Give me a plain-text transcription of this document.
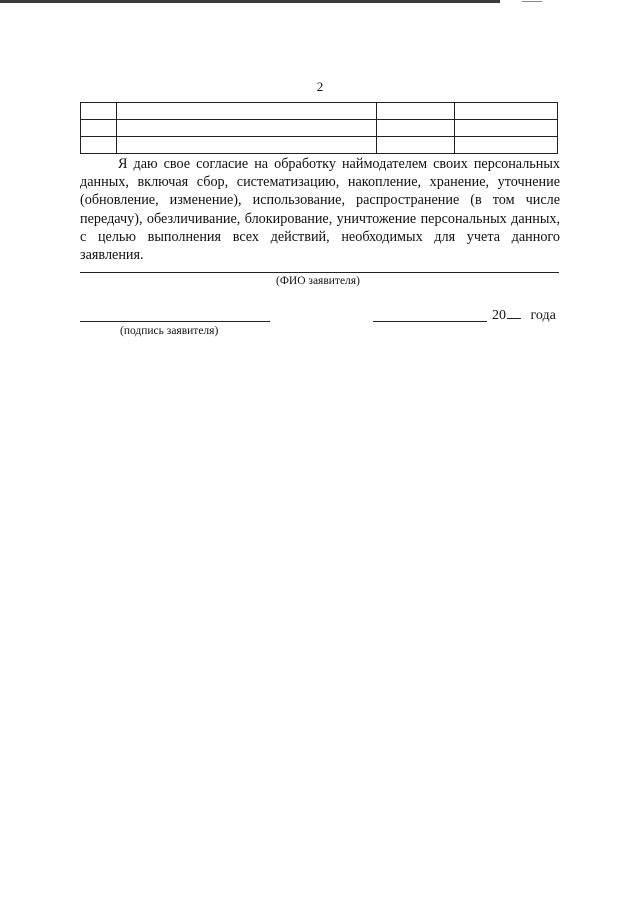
2

Я даю свое согласие на обработку наймодателем своих персональных данных, включая сбор, систематизацию, накопление, хранение, уточнение (обновление, изменение), использование, распространение (в том числе передачу), обезличивание, блокирование, уничтожение персональных данных, с целью выполнения всех действий, необходимых для учета данного заявления.

(ФИО заявителя)
(подпись заявителя)
20 года
